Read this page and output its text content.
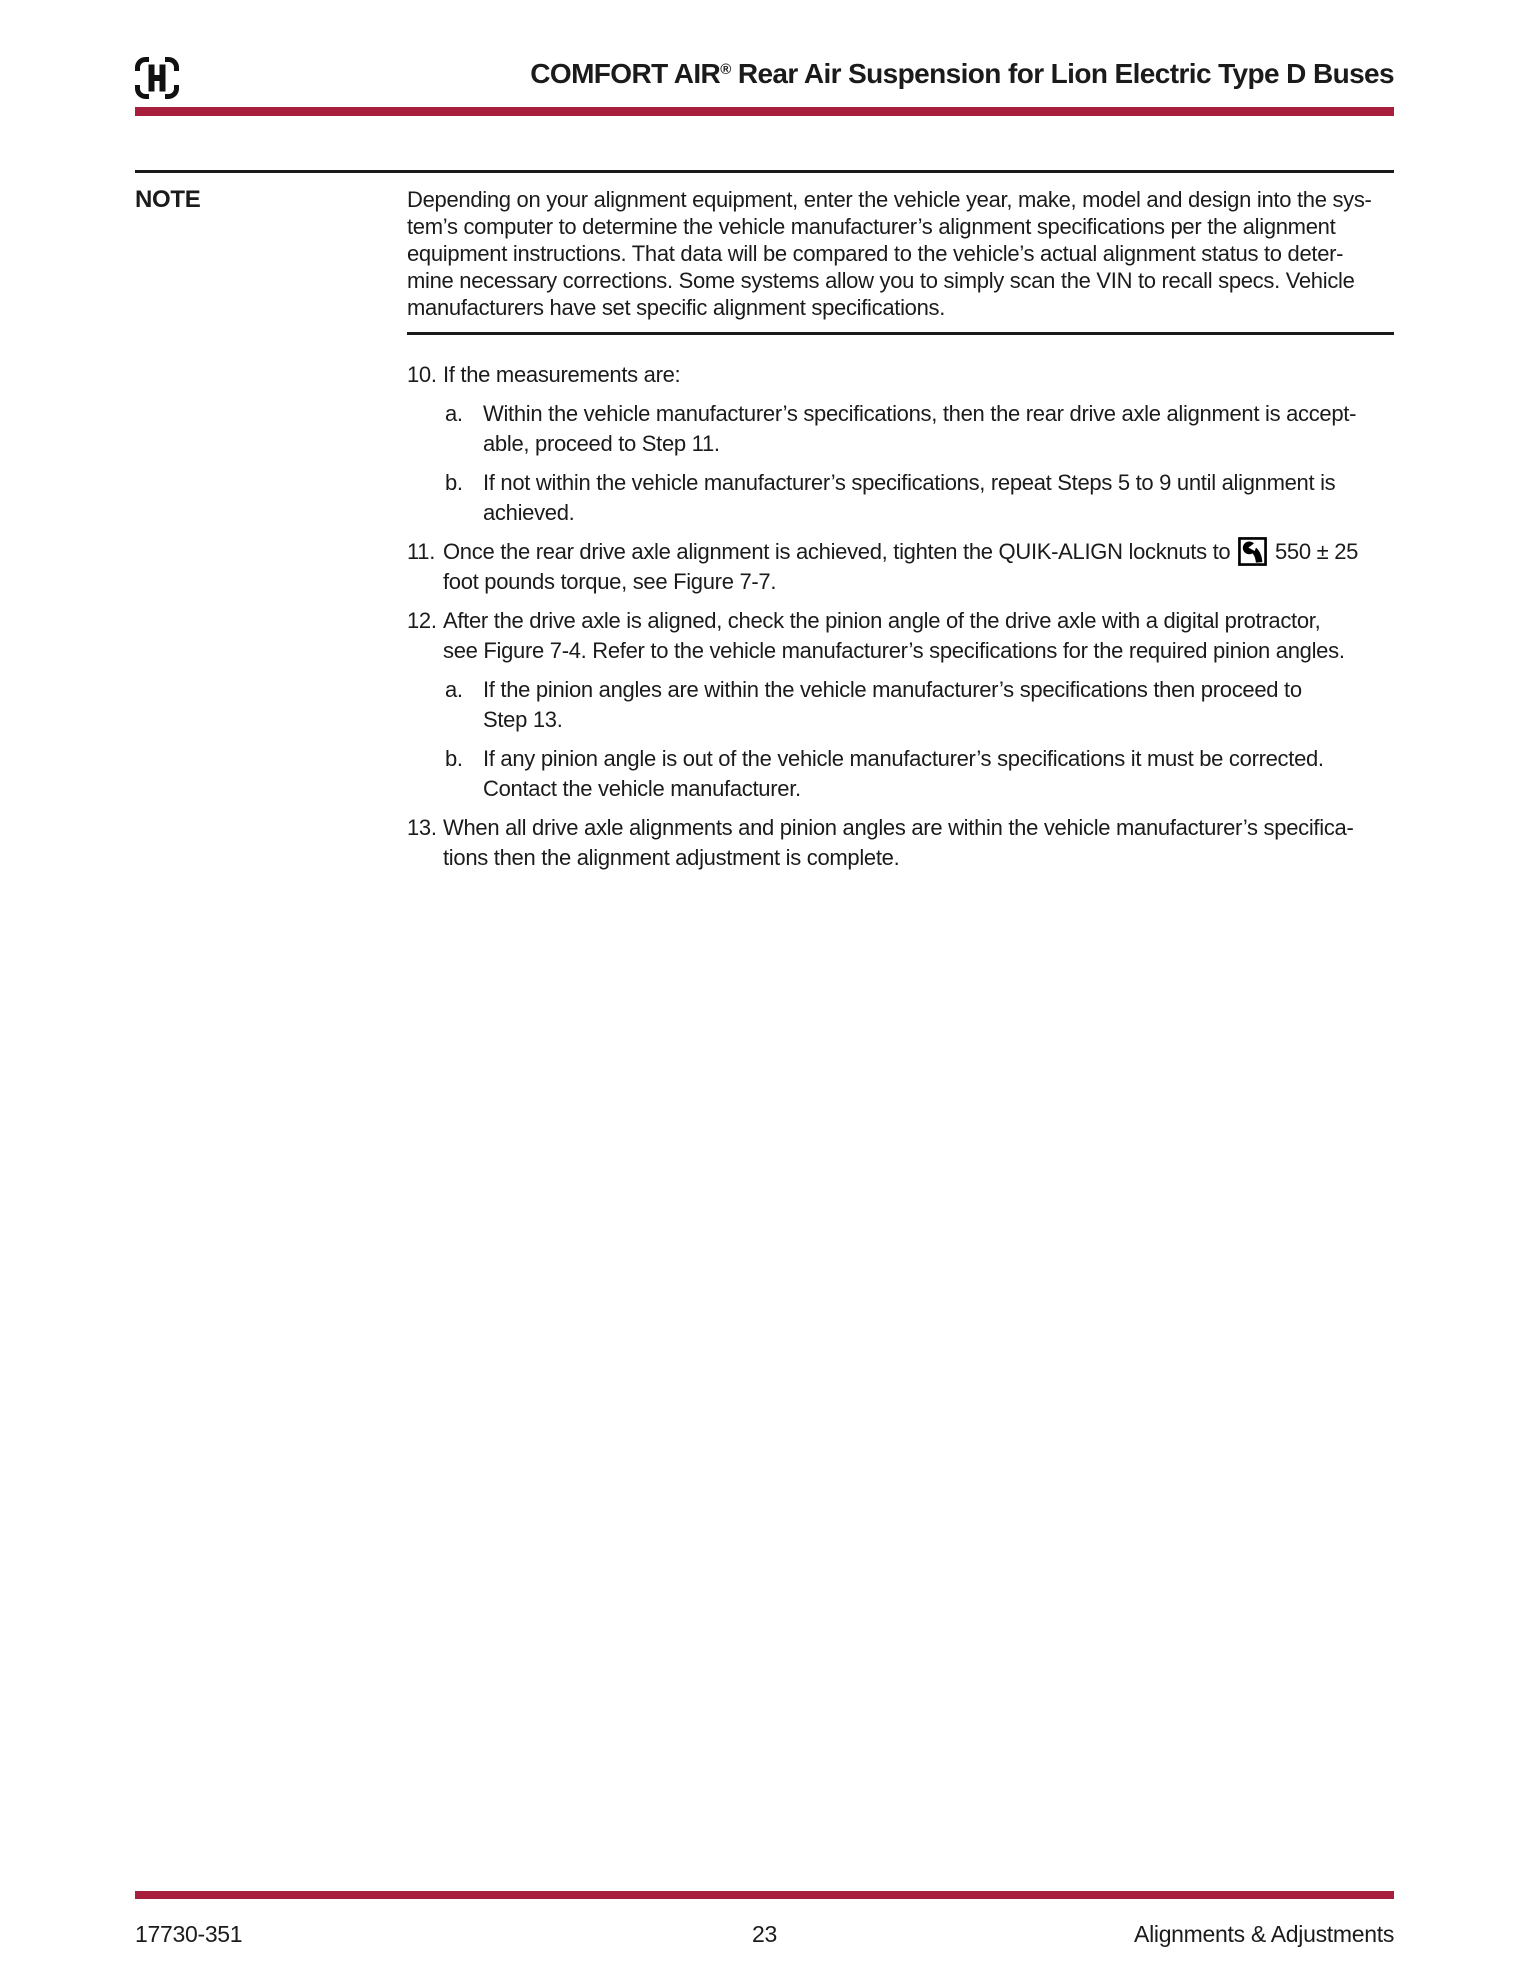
COMFORT AIR® Rear Air Suspension for Lion Electric Type D Buses
NOTE	Depending on your alignment equipment, enter the vehicle year, make, model and design into the sys-
tem’s computer to determine the vehicle manufacturer’s alignment specifications per the alignment
equipment instructions. That data will be compared to the vehicle’s actual alignment status to deter-
mine necessary corrections. Some systems allow you to simply scan the VIN to recall specs. Vehicle
manufacturers have set specific alignment specifications.
10. If the measurements are:
a. Within the vehicle manufacturer’s specifications, then the rear drive axle alignment is accept-
able, proceed to Step 11.
b. If not within the vehicle manufacturer’s specifications, repeat Steps 5 to 9 until alignment is
achieved.
11. Once the rear drive axle alignment is achieved, tighten the QUIK-ALIGN locknuts to
550 ± 25
foot pounds torque, see Figure 7-7.
12. After the drive axle is aligned, check the pinion angle of the drive axle with a digital protractor,
see Figure 7-4. Refer to the vehicle manufacturer’s specifications for the required pinion angles.
a. If the pinion angles are within the vehicle manufacturer’s specifications then proceed to
Step 13.
b. If any pinion angle is out of the vehicle manufacturer’s specifications it must be corrected.
Contact the vehicle manufacturer.
13. When all drive axle alignments and pinion angles are within the vehicle manufacturer’s specifica-
tions then the alignment adjustment is complete.
17730-351	23	Alignments & Adjustments
